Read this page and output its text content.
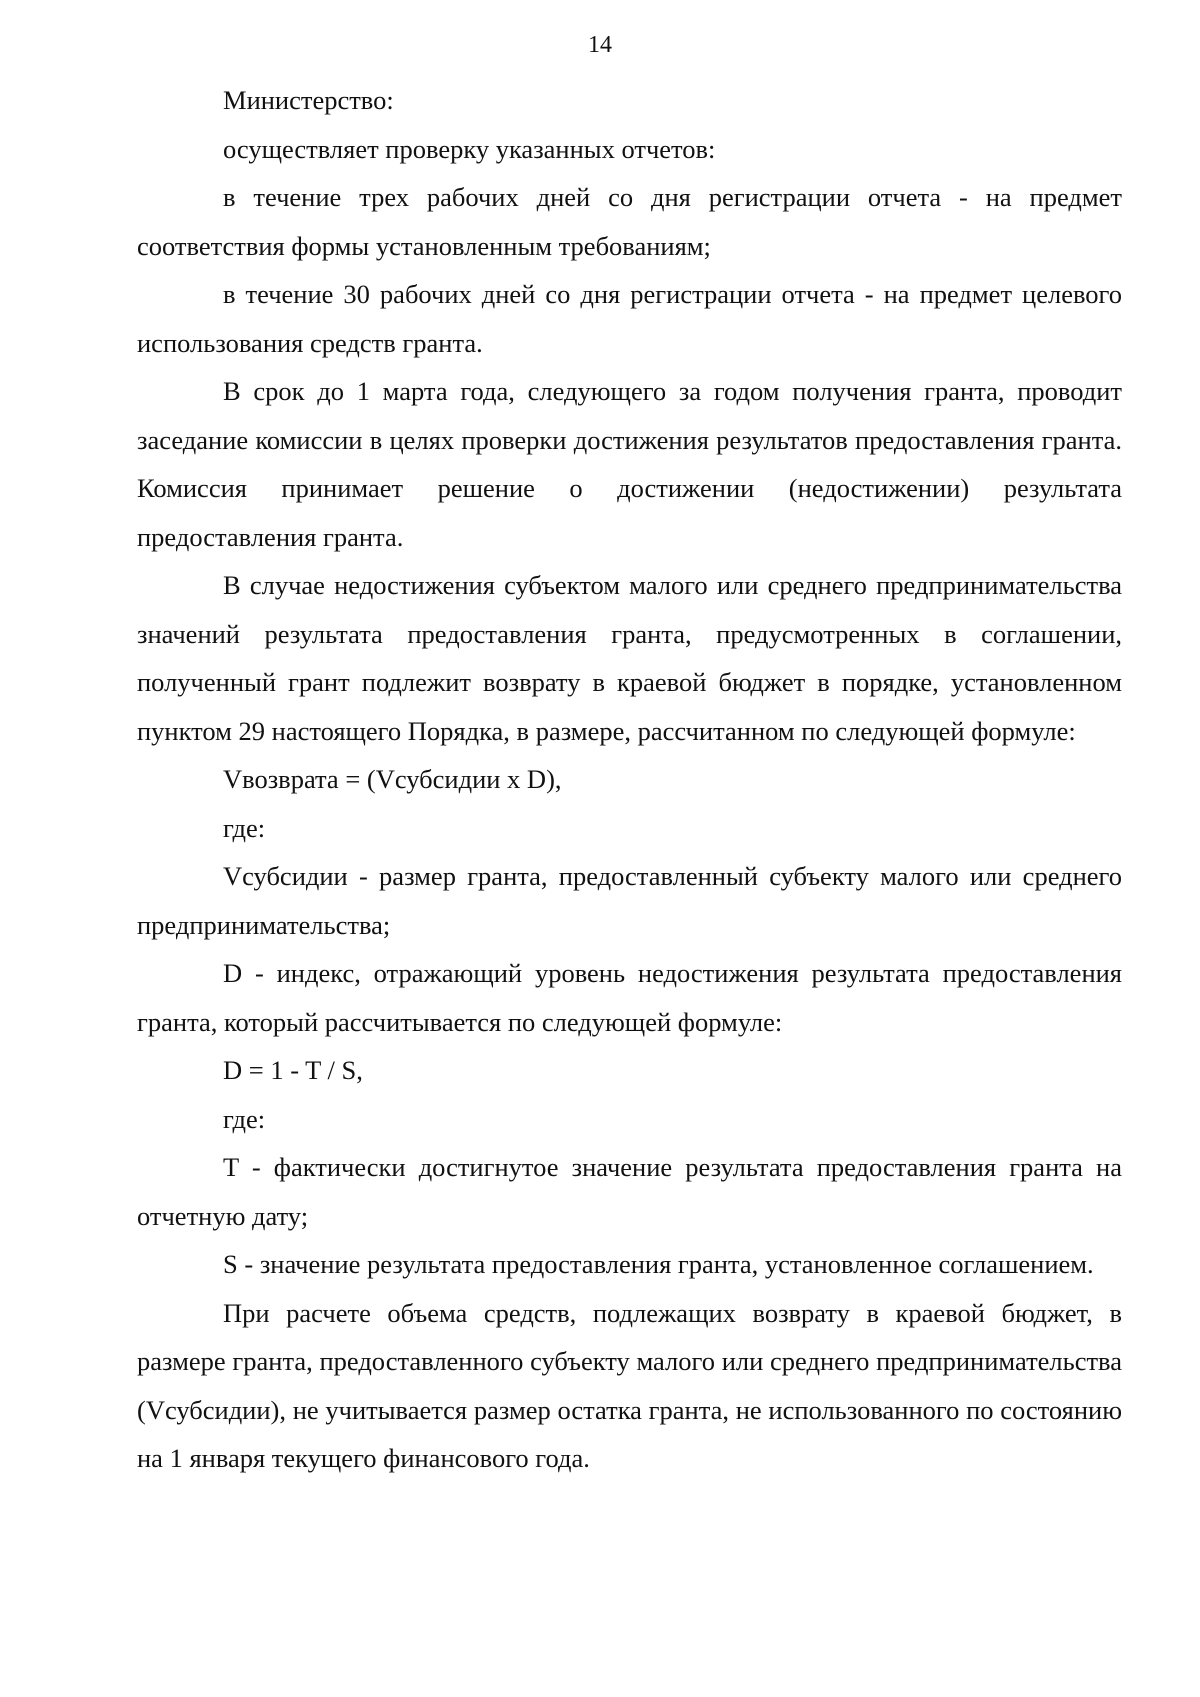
14

Министерство:

осуществляет проверку указанных отчетов:

в течение трех рабочих дней со дня регистрации отчета - на предмет соответствия формы установленным требованиям;

в течение 30 рабочих дней со дня регистрации отчета - на предмет целевого использования средств гранта.

В срок до 1 марта года, следующего за годом получения гранта, проводит заседание комиссии в целях проверки достижения результатов предоставления гранта. Комиссия принимает решение о достижении (недостижении) результата предоставления гранта.

В случае недостижения субъектом малого или среднего предпринимательства значений результата предоставления гранта, предусмотренных в соглашении, полученный грант подлежит возврату в краевой бюджет в порядке, установленном пунктом 29 настоящего Порядка, в размере, рассчитанном по следующей формуле:

Vвозврата = (Vсубсидии x D),

где:

Vсубсидии - размер гранта, предоставленный субъекту малого или среднего предпринимательства;

D - индекс, отражающий уровень недостижения результата предоставления гранта, который рассчитывается по следующей формуле:

D = 1 - T / S,

где:

T - фактически достигнутое значение результата предоставления гранта на отчетную дату;

S - значение результата предоставления гранта, установленное соглашением.

При расчете объема средств, подлежащих возврату в краевой бюджет, в размере гранта, предоставленного субъекту малого или среднего предпринимательства (Vсубсидии), не учитывается размер остатка гранта, не использованного по состоянию на 1 января текущего финансового года.
